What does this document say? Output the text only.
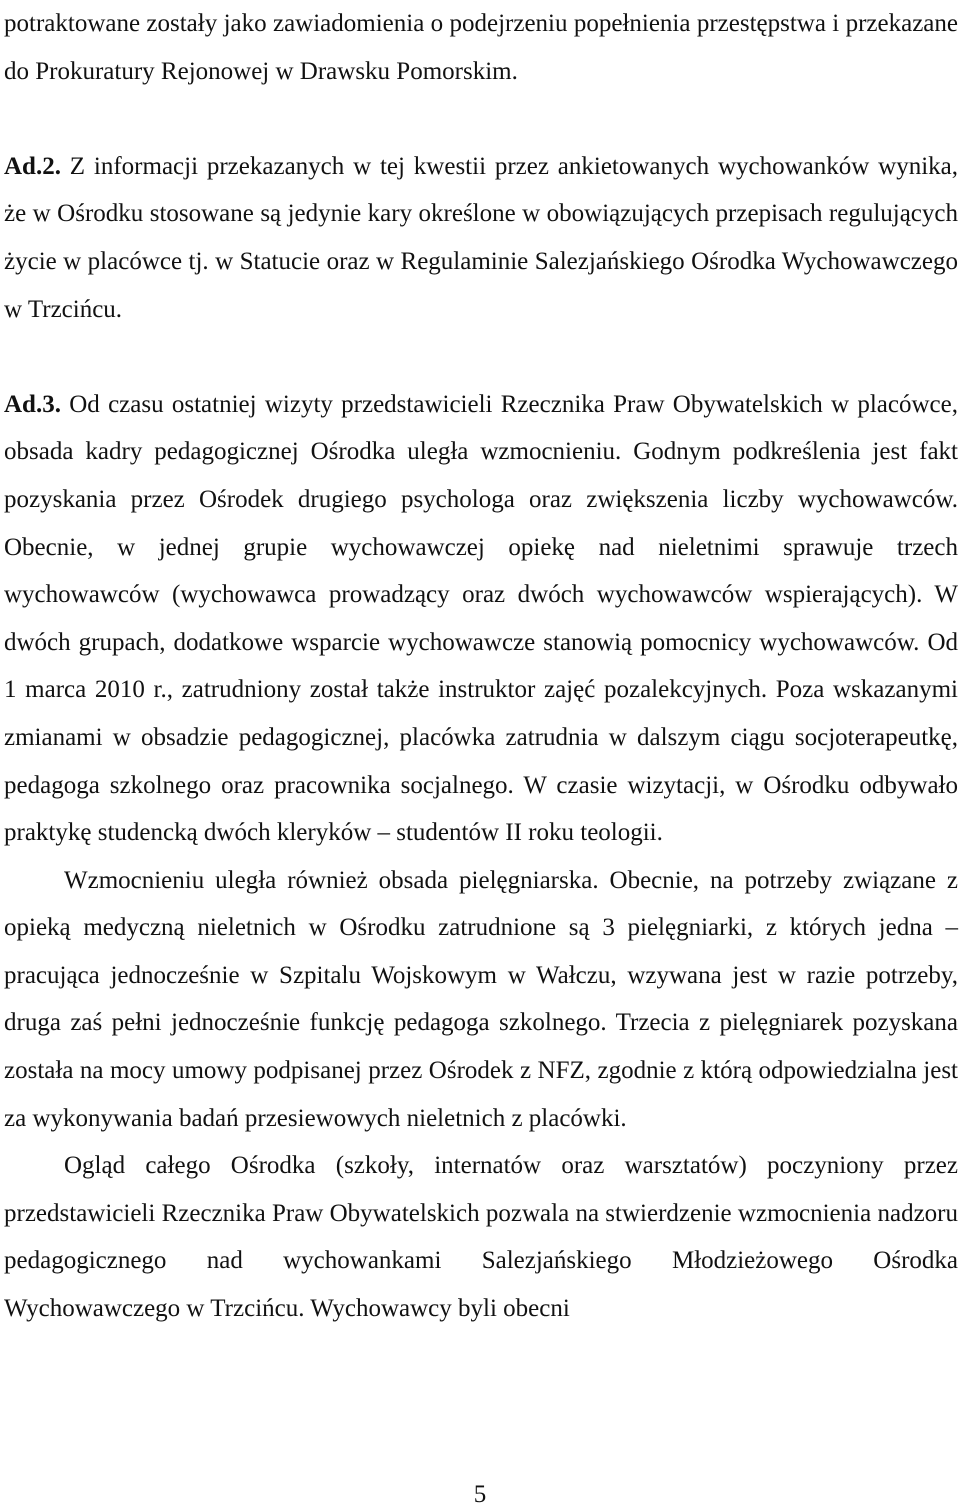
potraktowane zostały jako zawiadomienia o podejrzeniu popełnienia przestępstwa i przekazane do Prokuratury Rejonowej w Drawsku Pomorskim.

Ad.2. Z informacji przekazanych w tej kwestii przez ankietowanych wychowanków wynika, że w Ośrodku stosowane są jedynie kary określone w obowiązujących przepisach regulujących życie w placówce tj. w Statucie oraz w Regulaminie Salezjańskiego Ośrodka Wychowawczego w Trzcińcu.

Ad.3. Od czasu ostatniej wizyty przedstawicieli Rzecznika Praw Obywatelskich w placówce, obsada kadry pedagogicznej Ośrodka uległa wzmocnieniu. Godnym podkreślenia jest fakt pozyskania przez Ośrodek drugiego psychologa oraz zwiększenia liczby wychowawców. Obecnie, w jednej grupie wychowawczej opiekę nad nieletnimi sprawuje trzech wychowawców (wychowawca prowadzący oraz dwóch wychowawców wspierających). W dwóch grupach, dodatkowe wsparcie wychowawcze stanowią pomocnicy wychowawców. Od 1 marca 2010 r., zatrudniony został także instruktor zajęć pozalekcyjnych. Poza wskazanymi zmianami w obsadzie pedagogicznej, placówka zatrudnia w dalszym ciągu socjoterapeutkę, pedagoga szkolnego oraz pracownika socjalnego. W czasie wizytacji, w Ośrodku odbywało praktykę studencką dwóch kleryków – studentów II roku teologii.

Wzmocnieniu uległa również obsada pielęgniarska. Obecnie, na potrzeby związane z opieką medyczną nieletnich w Ośrodku zatrudnione są 3 pielęgniarki, z których jedna – pracująca jednocześnie w Szpitalu Wojskowym w Wałczu, wzywana jest w razie potrzeby, druga zaś pełni jednocześnie funkcję pedagoga szkolnego. Trzecia z pielęgniarek pozyskana została na mocy umowy podpisanej przez Ośrodek z NFZ, zgodnie z którą odpowiedzialna jest za wykonywania badań przesiewowych nieletnich z placówki.

Ogląd całego Ośrodka (szkoły, internatów oraz warsztatów) poczyniony przez przedstawicieli Rzecznika Praw Obywatelskich pozwala na stwierdzenie wzmocnienia nadzoru pedagogicznego nad wychowankami Salezjańskiego Młodzieżowego Ośrodka Wychowawczego w Trzcińcu. Wychowawcy byli obecni

5
